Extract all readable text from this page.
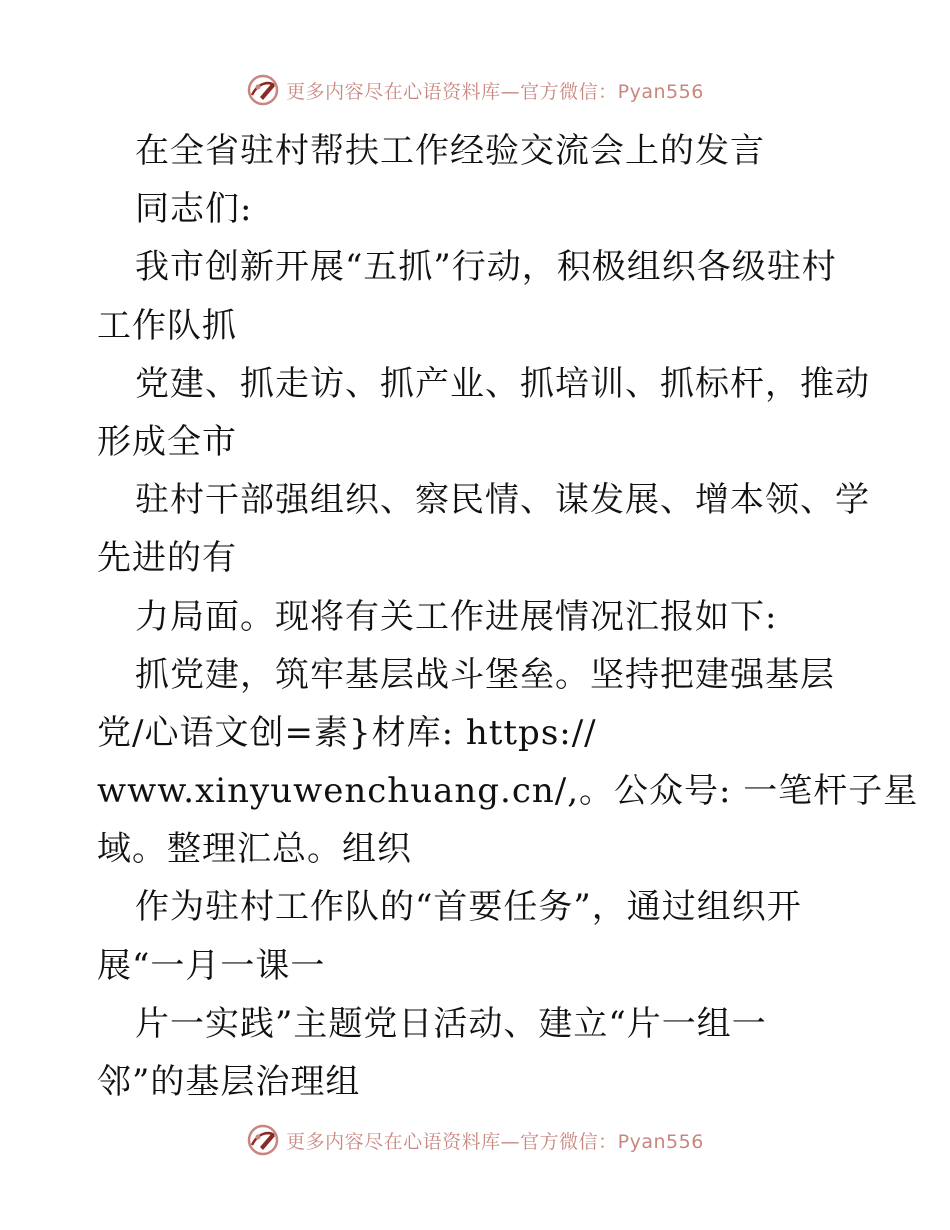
更多内容尽在心语资料库—官方微信：Pyan556
在全省驻村帮扶工作经验交流会上的发言
同志们:
我市创新开展“五抓”行动，积极组织各级驻村
工作队抓
党建、抓走访、抓产业、抓培训、抓标杆，推动
形成全市
驻村干部强组织、察民情、谋发展、增本领、学
先进的有
力局面。现将有关工作进展情况汇报如下:
抓党建，筑牢基层战斗堡垒。坚持把建强基层
党/心语文创=素}材库: https://
www.xinyuwenchuang.cn/,。公众号: 一笔杆子星
域。整理汇总。组织
作为驻村工作队的“首要任务”，通过组织开
展“一月一课一
片一实践”主题党日活动、建立“片一组一
邻”的基层治理组
更多内容尽在心语资料库—官方微信：Pyan556
